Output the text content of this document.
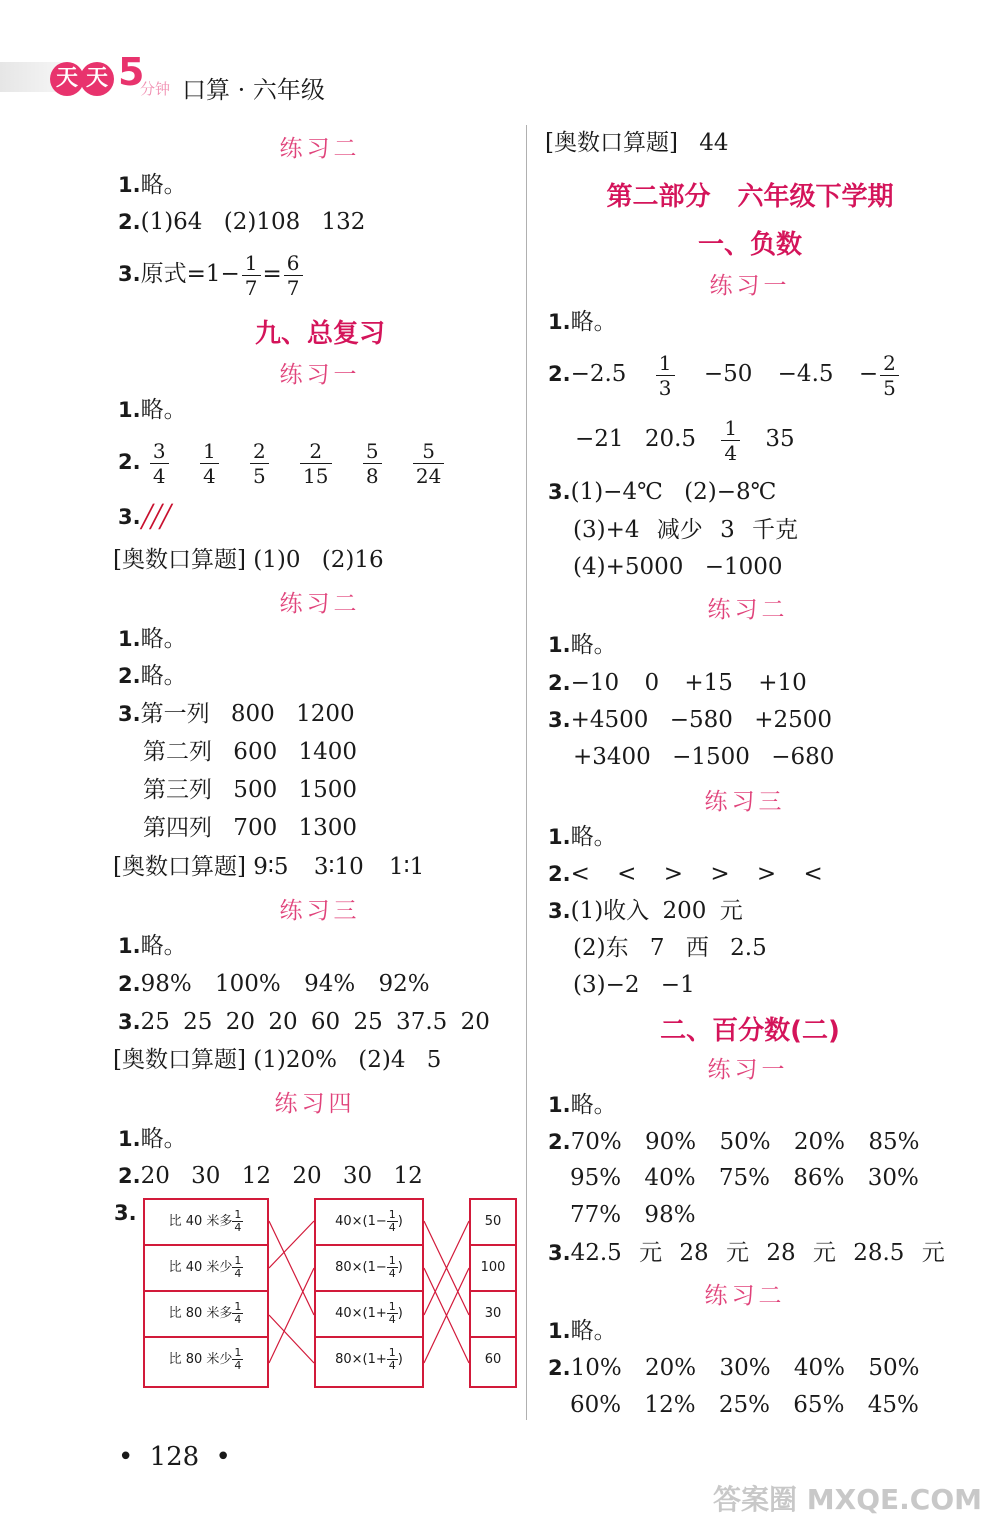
天 天 5
分钟 口算 · 六年级
练习二
1.略。
2.(1)64 (2)108 132
3.原式$=1- \frac{1}{7} = \frac{6}{7}$
九、总复习
练习一
1.略。
2. $\frac{3}{4}$
$\frac{1}{4}$
$\frac{2}{5}$
$\frac{2}{15}$
$\frac{5}{8}$
$\frac{5}{24}$
3.╱╱╱
[奥数口算题] (1)0 (2)16
练习二
1.略。
2.略。
3.第一列 800 1200
第二列 600 1400
第三列 500 1500
第四列 700 1300
[奥数口算题] 9∶5 3∶10 1∶1
练习三
1.略。
2.98% 100% 94% 92%
3.25 25 20 20 60 25 37.5 20
[奥数口算题] (1)20% (2)4 5
练习四
1.略。
2.20 30 12 20 30 12
3.	比 40 米多 $\frac{1}{4}$
比 40 米少 $\frac{1}{4}$
比 80 米多 $\frac{1}{4}$
比 80 米少 $\frac{1}{4}$
$40\times(1- \frac{1}{4}$ )
$80\times(1- \frac{1}{4}$ )
$40\times(1+ \frac{1}{4}$ )
$80\times(1+ \frac{1}{4}$ )
50
100
30
60
• 128 •
[奥数口算题] 44
第二部分 六年级下学期
一、负数
练习一
1.略。
$2.-2.5 \frac{1}{3} -50 -4.5 - \frac{2}{5}$
−21 $20.5 \frac{1}{4} 35$
3.(1)−4℃ (2)−8℃
(3)+4 减少 3 千克
(4)+5000 −1000
练习二
1.略。
2.−10 0 +15 +10
3.+4500 −580 +2500
+3400 −1500 −680
练习三
1.略。
2.< < > > > <
3.(1)收入 200 元
(2)东 7 西 2.5
(3)−2 −1
二、百分数(二)
练习一
1.略。
2.70% 90% 50% 20% 85%
95% 40% 75% 86% 30%
77% 98%
3.42.5 元 28 元 28 元 28.5 元
练习二
1.略。
2.10% 20% 30% 40% 50%
60% 12% 25% 65% 45%
答案圈 MXQE.COM
